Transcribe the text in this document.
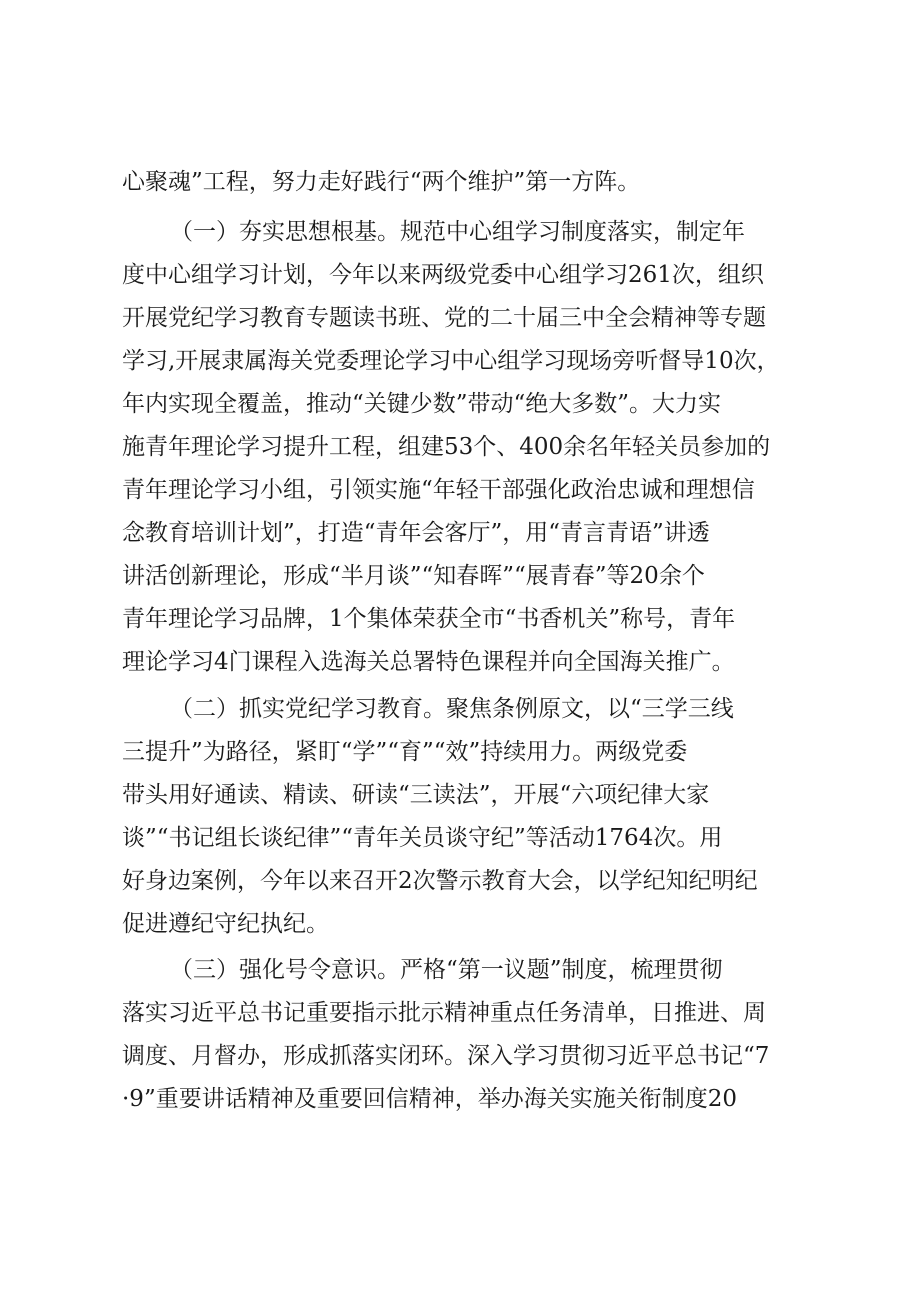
心聚魂”工程，努力走好践行“两个维护”第一方阵。
（一）夯实思想根基。规范中心组学习制度落实，制定年
度中心组学习计划，今年以来两级党委中心组学习261次，组织
开展党纪学习教育专题读书班、党的二十届三中全会精神等专题
学习,开展隶属海关党委理论学习中心组学习现场旁听督导10次，
年内实现全覆盖，推动“关键少数”带动“绝大多数”。大力实
施青年理论学习提升工程，组建53个、400余名年轻关员参加的
青年理论学习小组，引领实施“年轻干部强化政治忠诚和理想信
念教育培训计划”，打造“青年会客厅”，用“青言青语”讲透
讲活创新理论，形成“半月谈”“知春晖”“展青春”等20余个
青年理论学习品牌，1个集体荣获全市“书香机关”称号，青年
理论学习4门课程入选海关总署特色课程并向全国海关推广。
（二）抓实党纪学习教育。聚焦条例原文，以“三学三线
三提升”为路径，紧盯“学”“育”“效”持续用力。两级党委
带头用好通读、精读、研读“三读法”，开展“六项纪律大家
谈”“书记组长谈纪律”“青年关员谈守纪”等活动1764次。用
好身边案例，今年以来召开2次警示教育大会，以学纪知纪明纪
促进遵纪守纪执纪。
（三）强化号令意识。严格“第一议题”制度，梳理贯彻
落实习近平总书记重要指示批示精神重点任务清单，日推进、周
调度、月督办，形成抓落实闭环。深入学习贯彻习近平总书记“7
·9”重要讲话精神及重要回信精神，举办海关实施关衔制度20
